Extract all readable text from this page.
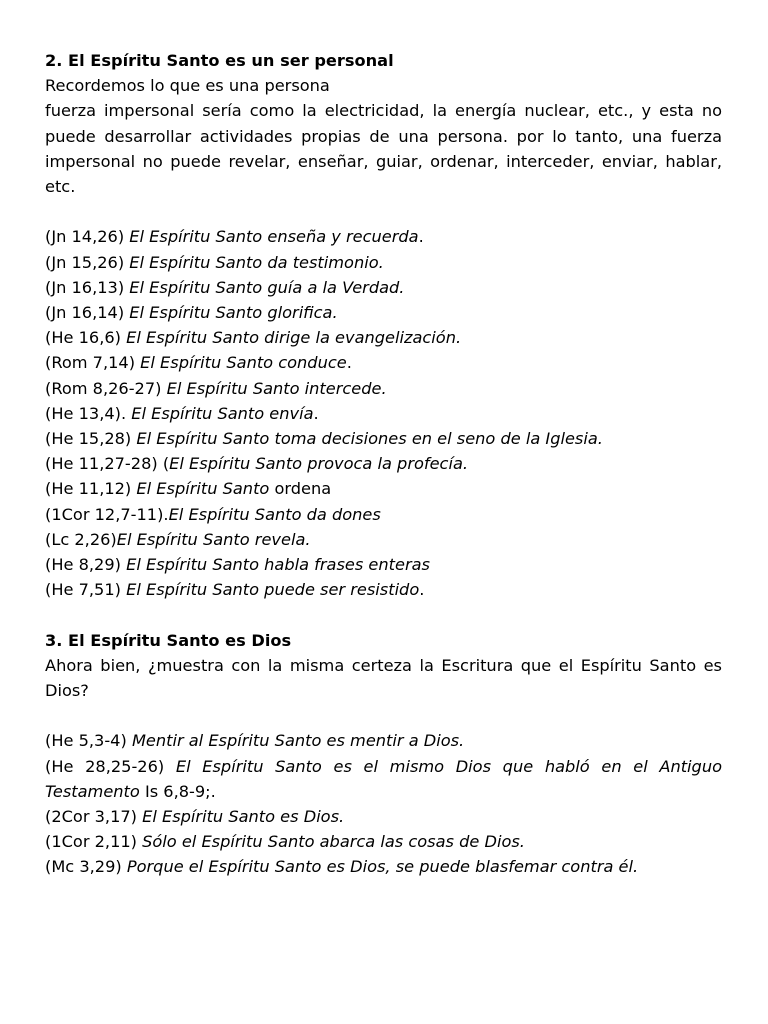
2. El Espíritu Santo es un ser personal

Recordemos lo que es una persona

fuerza impersonal sería como la electricidad, la energía nuclear, etc., y esta no puede desarrollar actividades propias de una persona. por lo tanto, una fuerza impersonal no puede revelar, enseñar, guiar, ordenar, interceder, enviar, hablar, etc.

(Jn 14,26) El Espíritu Santo enseña y recuerda.

(Jn 15,26) El Espíritu Santo da testimonio.

(Jn 16,13) El Espíritu Santo guía a la Verdad.

(Jn 16,14) El Espíritu Santo glorifica.

(He 16,6) El Espíritu Santo dirige la evangelización.

(Rom 7,14) El Espíritu Santo conduce.

(Rom 8,26-27) El Espíritu Santo intercede.

(He 13,4). El Espíritu Santo envía.

(He 15,28) El Espíritu Santo toma decisiones en el seno de la Iglesia.

(He 11,27-28) (El Espíritu Santo provoca la profecía.

(He 11,12) El Espíritu Santo ordena

(1Cor 12,7-11).El Espíritu Santo da dones

(Lc 2,26)El Espíritu Santo revela.

(He 8,29) El Espíritu Santo habla frases enteras

(He 7,51) El Espíritu Santo puede ser resistido.

3. El Espíritu Santo es Dios

Ahora bien, ¿muestra con la misma certeza la Escritura que el Espíritu Santo es Dios?

(He 5,3-4) Mentir al Espíritu Santo es mentir a Dios.

(He 28,25-26) El Espíritu Santo es el mismo Dios que habló en el Antiguo Testamento Is 6,8-9;.

(2Cor 3,17) El Espíritu Santo es Dios.

(1Cor 2,11) Sólo el Espíritu Santo abarca las cosas de Dios.

(Mc 3,29) Porque el Espíritu Santo es Dios, se puede blasfemar contra él.
